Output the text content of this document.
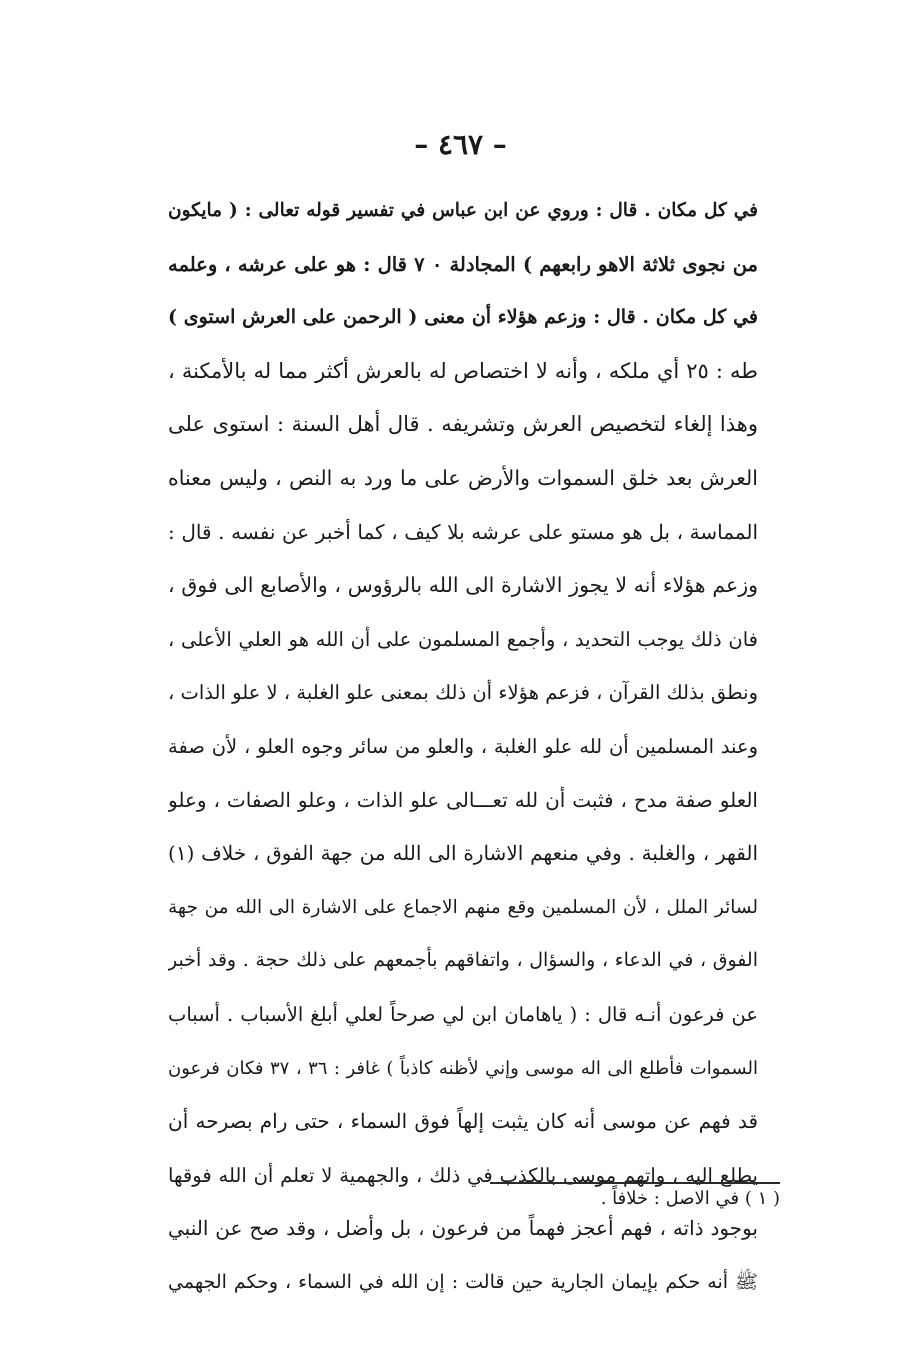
– ٤٦٧ –
في كل مكان . قال : وروي عن ابن عباس في تفسير قوله تعالى : ( مايكون
من نجوى ثلاثة الاهو رابعهم ) المجادلة ٠ ٧ قال : هو على عرشه ، وعلمه
في كل مكان . قال : وزعم هؤلاء أن معنى ( الرحمن على العرش استوى )
طه : ٢٥ أي ملكه ، وأنه لا اختصاص له بالعرش أكثر مما له بالأمكنة ،
وهذا إلغاء لتخصيص العرش وتشريفه . قال أهل السنة : استوى على
العرش بعد خلق السموات والأرض على ما ورد به النص ، وليس معناه
المماسة ، بل هو مستو على عرشه بلا كيف ، كما أخبر عن نفسه . قال :
وزعم هؤلاء أنه لا يجوز الاشارة الى الله بالرؤوس ، والأصابع الى فوق ،
فان ذلك يوجب التحديد ، وأجمع المسلمون على أن الله هو العلي الأعلى ،
ونطق بذلك القرآن ، فزعم هؤلاء أن ذلك بمعنى علو الغلبة ، لا علو الذات ،
وعند المسلمين أن لله علو الغلبة ، والعلو من سائر وجوه العلو ، لأن صفة
العلو صفة مدح ، فثبت أن لله تعـــالى علو الذات ، وعلو الصفات ، وعلو
القهر ، والغلبة . وفي منعهم الاشارة الى الله من جهة الفوق ، خلاف (١)
لسائر الملل ، لأن المسلمين وقع منهم الاجماع على الاشارة الى الله من جهة
الفوق ، في الدعاء ، والسؤال ، واتفاقهم بأجمعهم على ذلك حجة . وقد أخبر
عن فرعون أنـه قال : ( ياهامان ابن لي صرحاً لعلي أبلغ الأسباب . أسباب
السموات فأطلع الى اله موسى وإني لأظنه كاذباً ) غافر : ٣٦ ، ٣٧ فكان فرعون
قد فهم عن موسى أنه كان يثبت إلهاً فوق السماء ، حتى رام بصرحه أن
يطلع اليه ، واتهم موسى بالكذب في ذلك ، والجهمية لا تعلم أن الله فوقها
بوجود ذاته ، فهم أعجز فهماً من فرعون ، بل وأضل ، وقد صح عن النبي
ﷺ أنه حكم بإيمان الجارية حين قالت : إن الله في السماء ، وحكم الجهمي
( ١ ) في الاصل : خلافاً .
